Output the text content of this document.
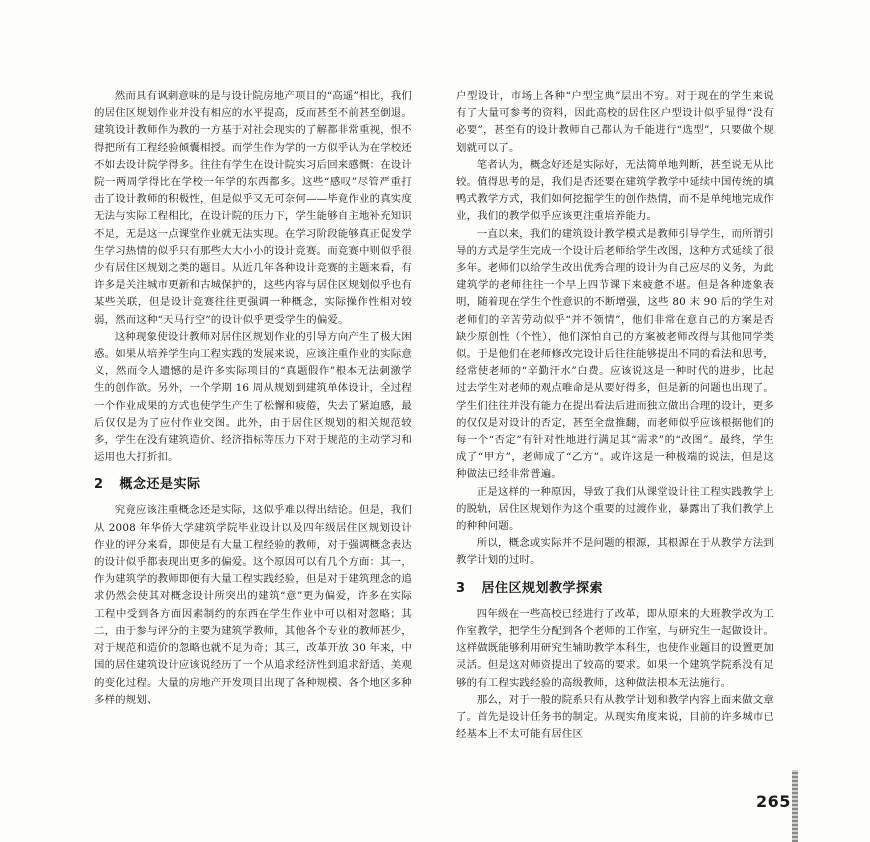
然而具有讽刺意味的是与设计院房地产项目的“高遥”相比，我们的居住区规划作业并没有相应的水平提高，反而甚至不前甚至倒退。建筑设计教师作为教的一方基于对社会现实的了解都非常重视，恨不得把所有工程经验倾囊相授。而学生作为学的一方似乎认为在学校还不如去设计院学得多。往往有学生在设计院实习后回来感慨：在设计院一两周学得比在学校一年学的东西都多。这些“感叹”尽管严重打击了设计教师的积极性，但是似乎又无可奈何——毕竟作业的真实度无法与实际工程相比，在设计院的压力下，学生能够自主地补充知识不足，无是这一点课堂作业就无法实现。在学习阶段能够真正促发学生学习热情的似乎只有那些大大小小的设计竞赛。而竞赛中则似乎很少有居住区规划之类的题目。从近几年各种设计竞赛的主题来看，有许多是关注城市更新和古城保护的，这些内容与居住区规划似乎也有某些关联，但是设计竞赛往往更强调一种概念，实际操作性相对较弱，然而这种“天马行空”的设计似乎更受学生的偏爱。

这种现象使设计教师对居住区规划作业的引导方向产生了极大困惑。如果从培养学生向工程实践的发展来说，应该注重作业的实际意义，然而令人遗憾的是许多实际项目的“真题假作”根本无法刺激学生的创作欲。另外，一个学期 16 周从规划到建筑单体设计，全过程一个作业成果的方式也使学生产生了松懈和疲倦，失去了紧迫感，最后仅仅是为了应付作业交图。此外，由于居住区规划的相关规范较多，学生在没有建筑造价、经济指标等压力下对于规范的主动学习和运用也大打折扣。

2 概念还是实际

究竟应该注重概念还是实际，这似乎难以得出结论。但是，我们从 2008 年华侨大学建筑学院毕业设计以及四年级居住区规划设计作业的评分来看，即使是有大量工程经验的教师，对于强调概念表达的设计似乎都表现出更多的偏爱。这个原因可以有几个方面：其一，作为建筑学的教师即便有大量工程实践经验，但是对于建筑理念的追求仍然会使其对概念设计所突出的建筑“意”更为偏爱，许多在实际工程中受到各方面因素制约的东西在学生作业中可以相对忽略；其二，由于参与评分的主要为建筑学教师，其他各个专业的教师甚少，对于规范和造价的忽略也就不足为奇；其三，改革开放 30 年来，中国的居住建筑设计应该说经历了一个从追求经济性到追求舒适、美观的变化过程。大量的房地产开发项目出现了各种规模、各个地区多种多样的规划、

户型设计，市场上各种“户型宝典”层出不穷。对于现在的学生来说有了大量可参考的资料，因此高校的居住区户型设计似乎显得“没有必要”，甚至有的设计教师自己都认为千能进行“选型”，只要做个规划就可以了。

笔者认为，概念好还是实际好，无法简单地判断，甚至说无从比较。值得思考的是，我们是否还要在建筑学教学中延续中国传统的填鸭式教学方式，我们如何挖掘学生的创作热情，而不是单纯地完成作业，我们的教学似乎应该更注重培养能力。

一直以来，我们的建筑设计教学模式是教师引导学生，而所谓引导的方式是学生完成一个设计后老师给学生改图，这种方式延续了很多年。老师们以给学生改出优秀合理的设计为自己应尽的义务，为此建筑学的老师往往一个早上四节课下来疲惫不堪。但是各种迹象表明，随着现在学生个性意识的不断增强，这些 80 末 90 后的学生对老师们的辛苦劳动似乎“并不领情”，他们非常在意自己的方案是否缺少原创性（个性），他们深怕自己的方案被老师改得与其他同学类似。于是他们在老师修改完设计后往往能够提出不同的看法和思考，经常使老师的“辛勤汗水”白费。应该说这是一种时代的进步，比起过去学生对老师的观点唯命是从要好得多，但是新的问题也出现了。学生们往往并没有能力在提出看法后进而独立做出合理的设计，更多的仅仅是对设计的否定，甚至全盘推翻，而老师似乎应该根据他们的每一个“否定”有针对性地进行满足其“需求”的“改图”。最终，学生成了“甲方”，老师成了“乙方”。或许这是一种极端的说法，但是这种做法已经非常普遍。

正是这样的一种原因，导致了我们从课堂设计往工程实践教学上的脱轨，居住区规划作为这个重要的过渡作业，暴露出了我们教学上的种种问题。

所以，概念或实际并不是问题的根源，其根源在于从教学方法到教学计划的过时。

3 居住区规划教学探索

四年级在一些高校已经进行了改革，即从原来的大班教学改为工作室教学，把学生分配到各个老师的工作室，与研究生一起做设计。这样做既能够利用研究生辅助教学本科生，也使作业题目的设置更加灵活。但是这对师资提出了较高的要求。如果一个建筑学院系没有足够的有工程实践经验的高级教师，这种做法根本无法施行。

那么，对于一般的院系只有从教学计划和教学内容上面来做文章了。首先是设计任务书的制定。从现实角度来说，目前的许多城市已经基本上不太可能有居住区

265
